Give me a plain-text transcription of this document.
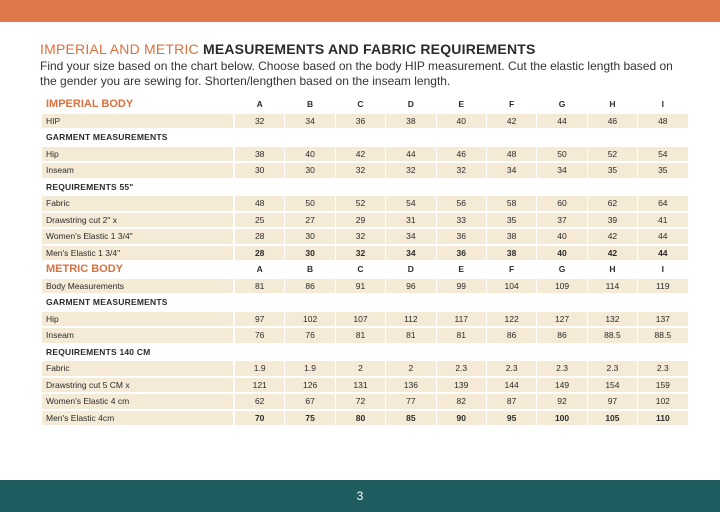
IMPERIAL AND METRIC MEASUREMENTS AND FABRIC REQUIREMENTS
Find your size based on the chart below. Choose based on the body HIP measurement. Cut the elastic length based on the gender you are sewing for. Shorten/lengthen based on the inseam length.
IMPERIAL BODY	A	B	C	D	E	F	G	H	I
HIP	32	34	36	38	40	42	44	46	48
GARMENT MEASUREMENTS									
Hip	38	40	42	44	46	48	50	52	54
Inseam	30	30	32	32	32	34	34	35	35
REQUIREMENTS 55"									
Fabric	48	50	52	54	56	58	60	62	64
Drawstring cut 2" x	25	27	29	31	33	35	37	39	41
Women's Elastic 1 3/4"	28	30	32	34	36	38	40	42	44
Men's Elastic 1 3/4"	28	30	32	34	36	38	40	42	44
METRIC BODY	A	B	C	D	E	F	G	H	I
Body Measurements	81	86	91	96	99	104	109	114	119
GARMENT MEASUREMENTS									
Hip	97	102	107	112	117	122	127	132	137
Inseam	76	76	81	81	81	86	86	88.5	88.5
REQUIREMENTS 140 CM									
Fabric	1.9	1.9	2	2	2.3	2.3	2.3	2.3	2.3
Drawstring cut 5 CM x	121	126	131	136	139	144	149	154	159
Women's Elastic 4 cm	62	67	72	77	82	87	92	97	102
Men's Elastic 4cm	70	75	80	85	90	95	100	105	110
3
